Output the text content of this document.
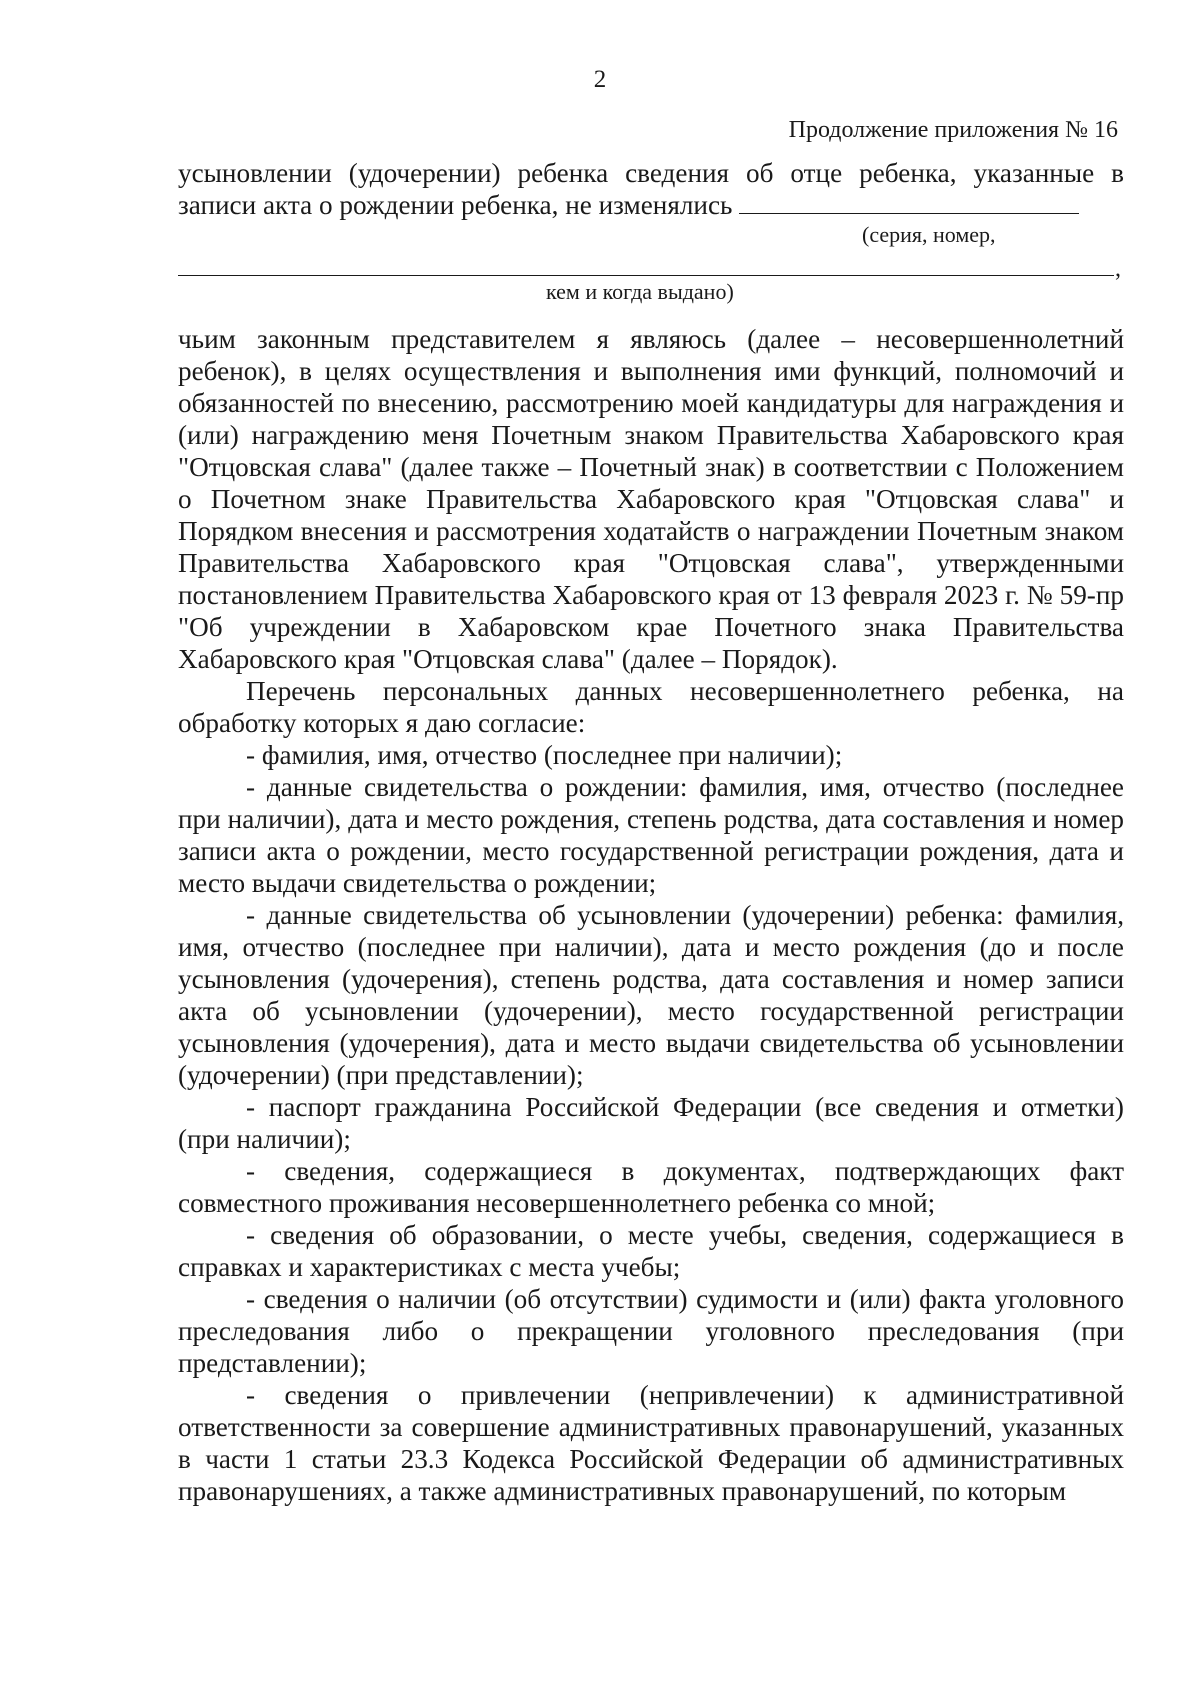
2
Продолжение приложения № 16

усыновлении (удочерении) ребенка сведения об отце ребенка, указанные в записи акта о рождении ребенка, не изменялись

(серия, номер,
,
кем и когда выдано)

чьим законным представителем я являюсь (далее – несовершеннолетний ребенок), в целях осуществления и выполнения ими функций, полномочий и обязанностей по внесению, рассмотрению моей кандидатуры для награждения и (или) награждению меня Почетным знаком Правительства Хабаровского края "Отцовская слава" (далее также – Почетный знак) в соответствии с Положением о Почетном знаке Правительства Хабаровского края "Отцовская слава" и Порядком внесения и рассмотрения ходатайств о награждении Почетным знаком Правительства Хабаровского края "Отцовская слава", утвержденными постановлением Правительства Хабаровского края от 13 февраля 2023 г. № 59-пр "Об учреждении в Хабаровском крае Почетного знака Правительства Хабаровского края "Отцовская слава" (далее – Порядок).

Перечень персональных данных несовершеннолетнего ребенка, на обработку которых я даю согласие:

- фамилия, имя, отчество (последнее при наличии);

- данные свидетельства о рождении: фамилия, имя, отчество (последнее при наличии), дата и место рождения, степень родства, дата составления и номер записи акта о рождении, место государственной регистрации рождения, дата и место выдачи свидетельства о рождении;

- данные свидетельства об усыновлении (удочерении) ребенка: фамилия, имя, отчество (последнее при наличии), дата и место рождения (до и после усыновления (удочерения), степень родства, дата составления и номер записи акта об усыновлении (удочерении), место государственной регистрации усыновления (удочерения), дата и место выдачи свидетельства об усыновлении (удочерении) (при представлении);

- паспорт гражданина Российской Федерации (все сведения и отметки) (при наличии);

- сведения, содержащиеся в документах, подтверждающих факт совместного проживания несовершеннолетнего ребенка со мной;

- сведения об образовании, о месте учебы, сведения, содержащиеся в справках и характеристиках с места учебы;

- сведения о наличии (об отсутствии) судимости и (или) факта уголовного преследования либо о прекращении уголовного преследования (при представлении);

- сведения о привлечении (непривлечении) к административной ответственности за совершение административных правонарушений, указанных в части 1 статьи 23.3 Кодекса Российской Федерации об административных правонарушениях, а также административных правонарушений, по которым
